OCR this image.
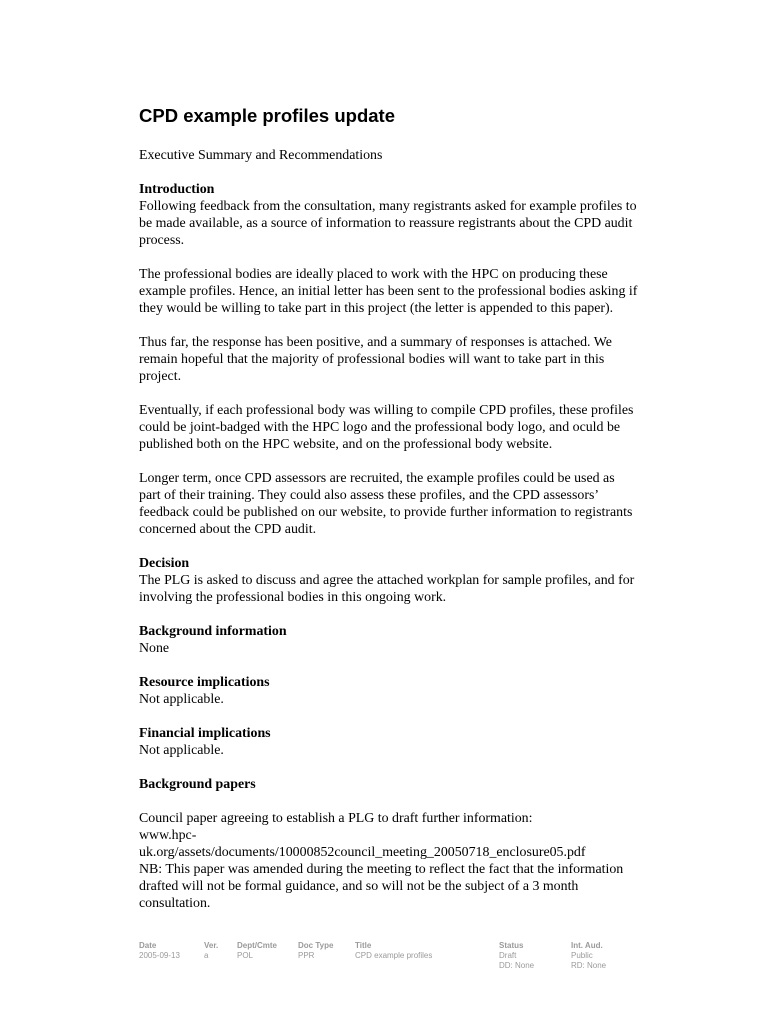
CPD example profiles update
Executive Summary and Recommendations
Introduction

Following feedback from the consultation, many registrants asked for example profiles to be made available, as a source of information to reassure registrants about the CPD audit process.

The professional bodies are ideally placed to work with the HPC on producing these example profiles. Hence, an initial letter has been sent to the professional bodies asking if they would be willing to take part in this project (the letter is appended to this paper).

Thus far, the response has been positive, and a summary of responses is attached. We remain hopeful that the majority of professional bodies will want to take part in this project.

Eventually, if each professional body was willing to compile CPD profiles, these profiles could be joint-badged with the HPC logo and the professional body logo, and oculd be published both on the HPC website, and on the professional body website.

Longer term, once CPD assessors are recruited, the example profiles could be used as part of their training. They could also assess these profiles, and the CPD assessors’ feedback could be published on our website, to provide further information to registrants concerned about the CPD audit.

Decision

The PLG is asked to discuss and agree the attached workplan for sample profiles, and for involving the professional bodies in this ongoing work.

Background information

None

Resource implications

Not applicable.

Financial implications

Not applicable.

Background papers

Council paper agreeing to establish a PLG to draft further information:

www.hpc-

uk.org/assets/documents/10000852council_meeting_20050718_enclosure05.pdf

NB: This paper was amended during the meeting to reflect the fact that the information drafted will not be formal guidance, and so will not be the subject of a 3 month consultation.

Date
2005-09-13
Ver.
a
Dept/Cmte
POL
Doc Type
PPR
Title
CPD example profiles
Status
Draft
DD: None
Int. Aud.
Public
RD: None
